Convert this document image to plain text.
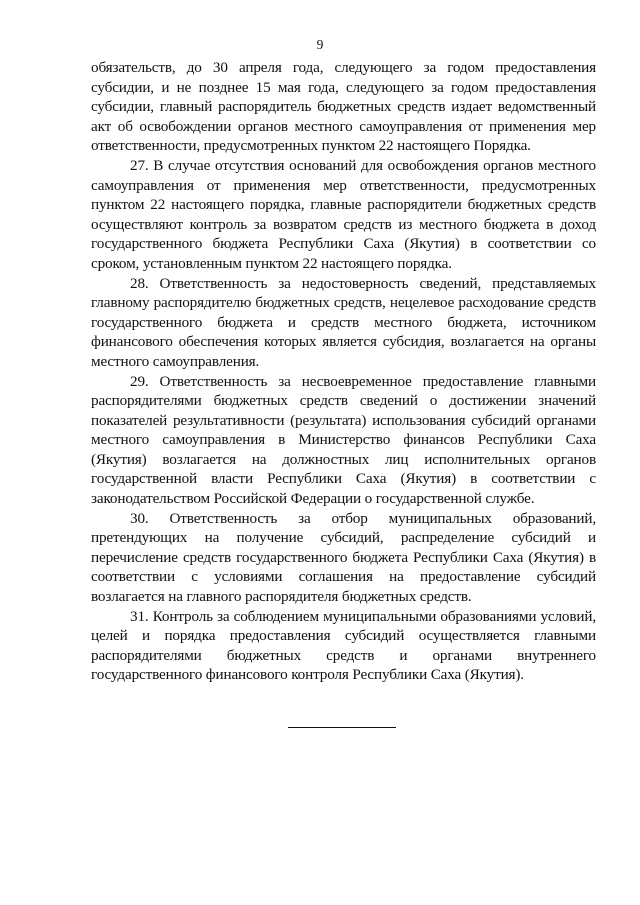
9

обязательств, до 30 апреля года, следующего за годом предоставления субсидии, и не позднее 15 мая года, следующего за годом предоставления субсидии, главный распорядитель бюджетных средств издает ведомственный акт об освобождении органов местного самоуправления от применения мер ответственности, предусмотренных пунктом 22 настоящего Порядка.

27. В случае отсутствия оснований для освобождения органов местного самоуправления от применения мер ответственности, предусмотренных пунктом 22 настоящего порядка, главные распорядители бюджетных средств осуществляют контроль за возвратом средств из местного бюджета в доход государственного бюджета Республики Саха (Якутия) в соответствии со сроком, установленным пунктом 22 настоящего порядка.

28. Ответственность за недостоверность сведений, представляемых главному распорядителю бюджетных средств, нецелевое расходование средств государственного бюджета и средств местного бюджета, источником финансового обеспечения которых является субсидия, возлагается на органы местного самоуправления.

29. Ответственность за несвоевременное предоставление главными распорядителями бюджетных средств сведений о достижении значений показателей результативности (результата) использования субсидий органами местного самоуправления в Министерство финансов Республики Саха (Якутия) возлагается на должностных лиц исполнительных органов государственной власти Республики Саха (Якутия) в соответствии с законодательством Российской Федерации о государственной службе.

30. Ответственность за отбор муниципальных образований, претендующих на получение субсидий, распределение субсидий и перечисление средств государственного бюджета Республики Саха (Якутия) в соответствии с условиями соглашения на предоставление субсидий возлагается на главного распорядителя бюджетных средств.

31. Контроль за соблюдением муниципальными образованиями условий, целей и порядка предоставления субсидий осуществляется главными распорядителями бюджетных средств и органами внутреннего государственного финансового контроля Республики Саха (Якутия).
